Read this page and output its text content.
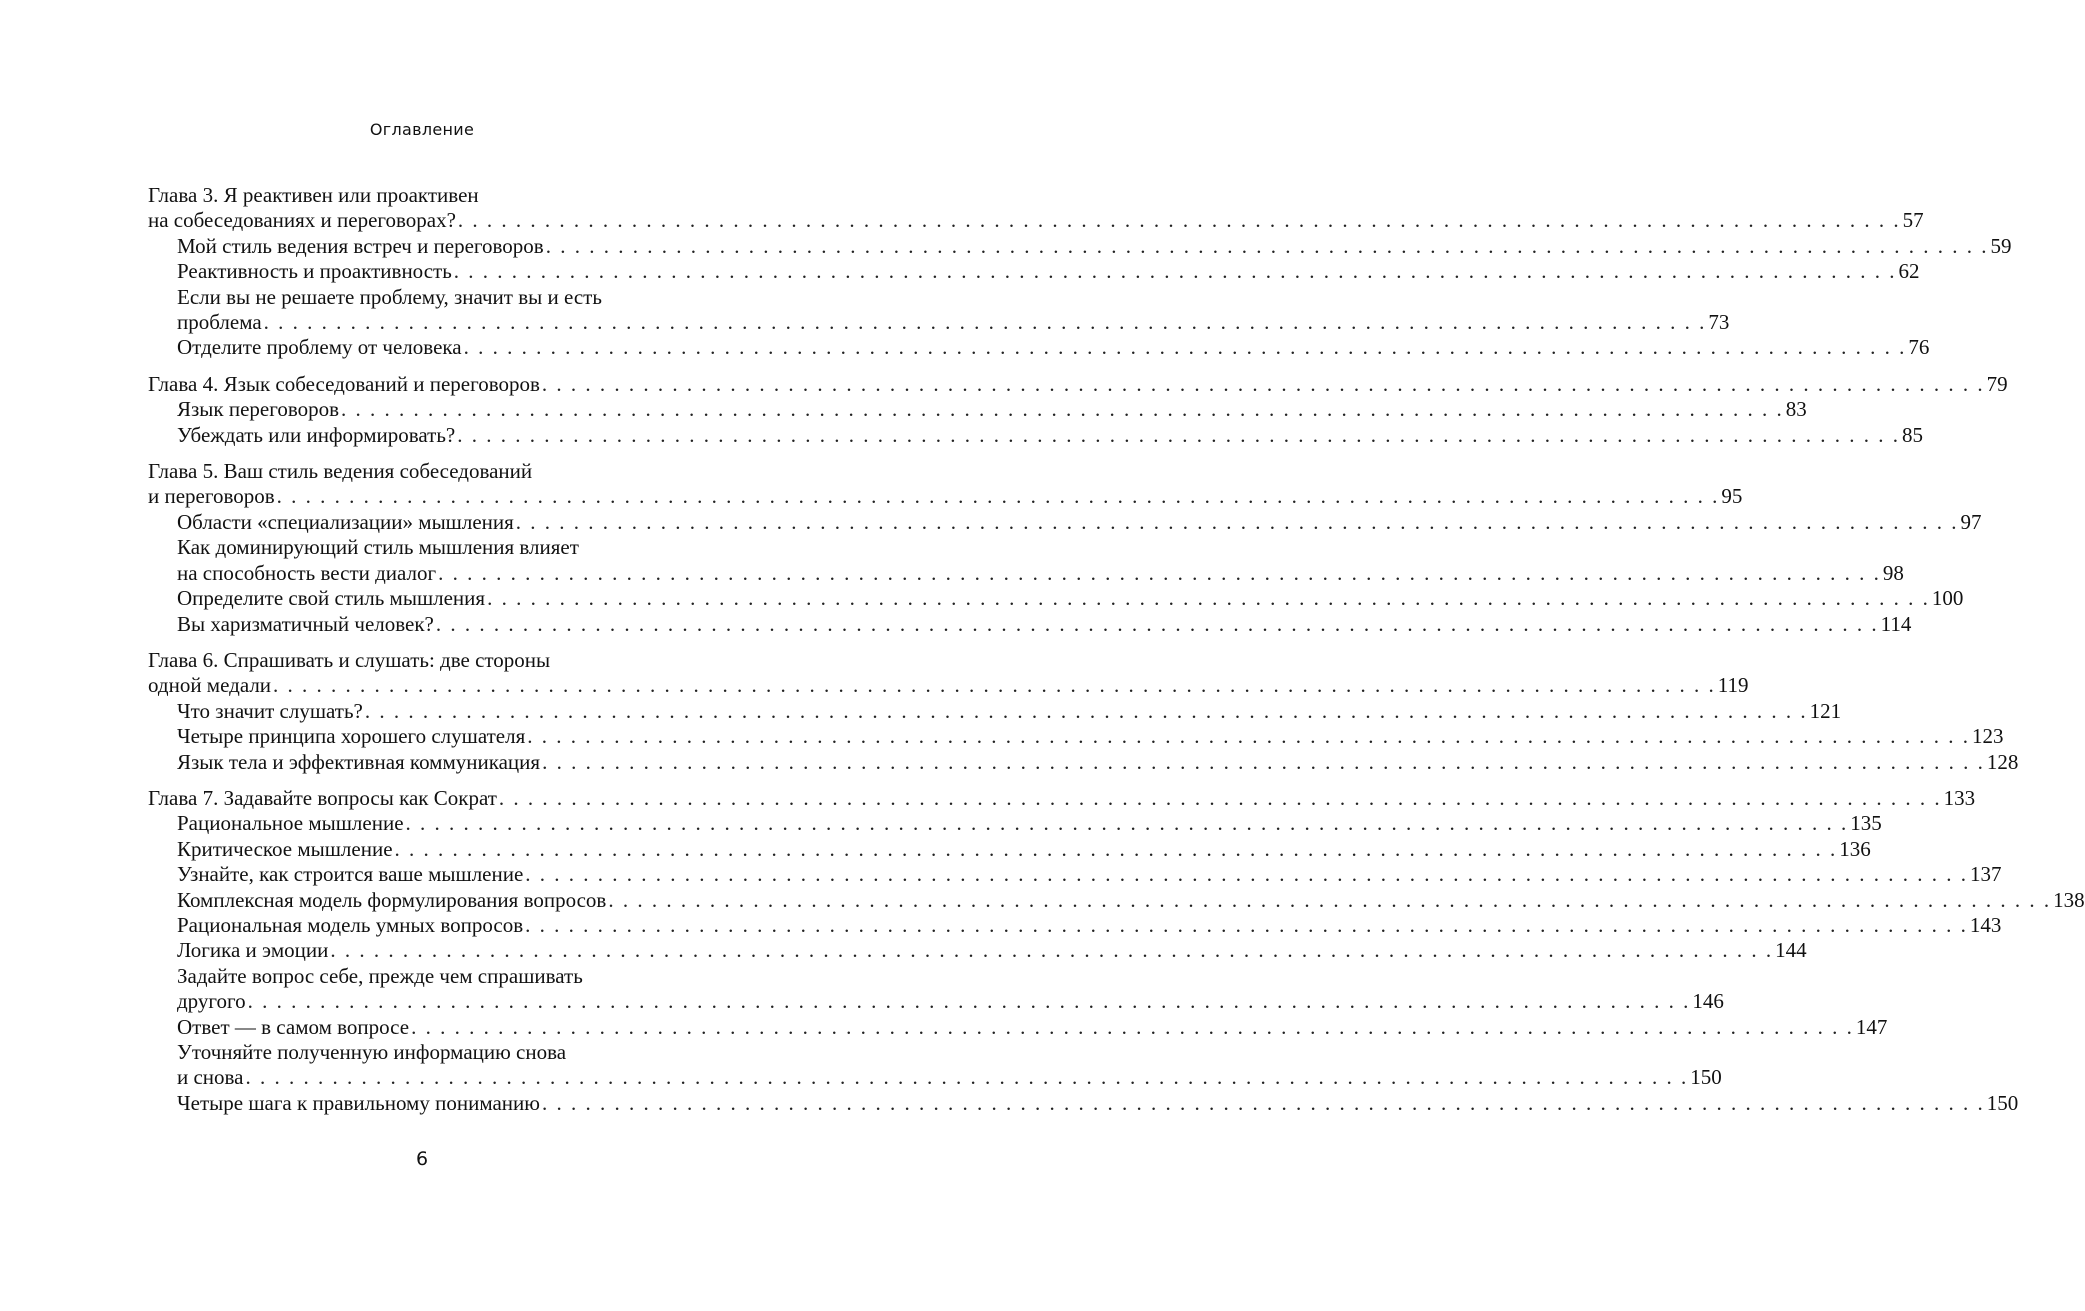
Оглавление
Глава 3. Я реактивен или проактивен
на собеседованиях и переговорах? . . . . . . . . . . . . . . . . . . . . . . . . . . . . . . . . . . . . . . . . . . . . . . . . . . . . . . . . . . . . . . . . . . . . . . . . . . . . . . . . . . . . . . . . . . . . . . . . . . . . 57
Мой стиль ведения встреч и переговоров . . . . . . . . . . . . . . . . . . . . . . . . . . . . . . . . . . . . . . . . . . . . . . . . . . . . . . . . . . . . . . . . . . . . . . . . . . . . . . . . . . . . . . . . . . . . . . . . . . . . 59
Реактивность и проактивность . . . . . . . . . . . . . . . . . . . . . . . . . . . . . . . . . . . . . . . . . . . . . . . . . . . . . . . . . . . . . . . . . . . . . . . . . . . . . . . . . . . . . . . . . . . . . . . . . . . . 62
Если вы не решаете проблему, значит вы и есть
проблема . . . . . . . . . . . . . . . . . . . . . . . . . . . . . . . . . . . . . . . . . . . . . . . . . . . . . . . . . . . . . . . . . . . . . . . . . . . . . . . . . . . . . . . . . . . . . . . . . . . . 73
Отделите проблему от человека . . . . . . . . . . . . . . . . . . . . . . . . . . . . . . . . . . . . . . . . . . . . . . . . . . . . . . . . . . . . . . . . . . . . . . . . . . . . . . . . . . . . . . . . . . . . . . . . . . . . 76
Глава 4. Язык собеседований и переговоров . . . . . . . . . . . . . . . . . . . . . . . . . . . . . . . . . . . . . . . . . . . . . . . . . . . . . . . . . . . . . . . . . . . . . . . . . . . . . . . . . . . . . . . . . . . . . . . . . . . . 79
Язык переговоров . . . . . . . . . . . . . . . . . . . . . . . . . . . . . . . . . . . . . . . . . . . . . . . . . . . . . . . . . . . . . . . . . . . . . . . . . . . . . . . . . . . . . . . . . . . . . . . . . . . . 83
Убеждать или информировать? . . . . . . . . . . . . . . . . . . . . . . . . . . . . . . . . . . . . . . . . . . . . . . . . . . . . . . . . . . . . . . . . . . . . . . . . . . . . . . . . . . . . . . . . . . . . . . . . . . . . 85
Глава 5. Ваш стиль ведения собеседований
и переговоров . . . . . . . . . . . . . . . . . . . . . . . . . . . . . . . . . . . . . . . . . . . . . . . . . . . . . . . . . . . . . . . . . . . . . . . . . . . . . . . . . . . . . . . . . . . . . . . . . . . . 95
Области «специализации» мышления . . . . . . . . . . . . . . . . . . . . . . . . . . . . . . . . . . . . . . . . . . . . . . . . . . . . . . . . . . . . . . . . . . . . . . . . . . . . . . . . . . . . . . . . . . . . . . . . . . . . 97
Как доминирующий стиль мышления влияет
на способность вести диалог . . . . . . . . . . . . . . . . . . . . . . . . . . . . . . . . . . . . . . . . . . . . . . . . . . . . . . . . . . . . . . . . . . . . . . . . . . . . . . . . . . . . . . . . . . . . . . . . . . . . 98
Определите свой стиль мышления . . . . . . . . . . . . . . . . . . . . . . . . . . . . . . . . . . . . . . . . . . . . . . . . . . . . . . . . . . . . . . . . . . . . . . . . . . . . . . . . . . . . . . . . . . . . . . . . . . . . 100
Вы харизматичный человек? . . . . . . . . . . . . . . . . . . . . . . . . . . . . . . . . . . . . . . . . . . . . . . . . . . . . . . . . . . . . . . . . . . . . . . . . . . . . . . . . . . . . . . . . . . . . . . . . . . . . 114
Глава 6. Спрашивать и слушать: две стороны
одной медали . . . . . . . . . . . . . . . . . . . . . . . . . . . . . . . . . . . . . . . . . . . . . . . . . . . . . . . . . . . . . . . . . . . . . . . . . . . . . . . . . . . . . . . . . . . . . . . . . . . . 119
Что значит слушать? . . . . . . . . . . . . . . . . . . . . . . . . . . . . . . . . . . . . . . . . . . . . . . . . . . . . . . . . . . . . . . . . . . . . . . . . . . . . . . . . . . . . . . . . . . . . . . . . . . . . 121
Четыре принципа хорошего слушателя . . . . . . . . . . . . . . . . . . . . . . . . . . . . . . . . . . . . . . . . . . . . . . . . . . . . . . . . . . . . . . . . . . . . . . . . . . . . . . . . . . . . . . . . . . . . . . . . . . . . 123
Язык тела и эффективная коммуникация . . . . . . . . . . . . . . . . . . . . . . . . . . . . . . . . . . . . . . . . . . . . . . . . . . . . . . . . . . . . . . . . . . . . . . . . . . . . . . . . . . . . . . . . . . . . . . . . . . . . 128
Глава 7. Задавайте вопросы как Сократ . . . . . . . . . . . . . . . . . . . . . . . . . . . . . . . . . . . . . . . . . . . . . . . . . . . . . . . . . . . . . . . . . . . . . . . . . . . . . . . . . . . . . . . . . . . . . . . . . . . . 133
Рациональное мышление . . . . . . . . . . . . . . . . . . . . . . . . . . . . . . . . . . . . . . . . . . . . . . . . . . . . . . . . . . . . . . . . . . . . . . . . . . . . . . . . . . . . . . . . . . . . . . . . . . . . 135
Критическое мышление . . . . . . . . . . . . . . . . . . . . . . . . . . . . . . . . . . . . . . . . . . . . . . . . . . . . . . . . . . . . . . . . . . . . . . . . . . . . . . . . . . . . . . . . . . . . . . . . . . . . 136
Узнайте, как строится ваше мышление . . . . . . . . . . . . . . . . . . . . . . . . . . . . . . . . . . . . . . . . . . . . . . . . . . . . . . . . . . . . . . . . . . . . . . . . . . . . . . . . . . . . . . . . . . . . . . . . . . . . 137
Комплексная модель формулирования вопросов . . . . . . . . . . . . . . . . . . . . . . . . . . . . . . . . . . . . . . . . . . . . . . . . . . . . . . . . . . . . . . . . . . . . . . . . . . . . . . . . . . . . . . . . . . . . . . . . . . . . 138
Рациональная модель умных вопросов . . . . . . . . . . . . . . . . . . . . . . . . . . . . . . . . . . . . . . . . . . . . . . . . . . . . . . . . . . . . . . . . . . . . . . . . . . . . . . . . . . . . . . . . . . . . . . . . . . . . 143
Логика и эмоции . . . . . . . . . . . . . . . . . . . . . . . . . . . . . . . . . . . . . . . . . . . . . . . . . . . . . . . . . . . . . . . . . . . . . . . . . . . . . . . . . . . . . . . . . . . . . . . . . . . . 144
Задайте вопрос себе, прежде чем спрашивать
другого . . . . . . . . . . . . . . . . . . . . . . . . . . . . . . . . . . . . . . . . . . . . . . . . . . . . . . . . . . . . . . . . . . . . . . . . . . . . . . . . . . . . . . . . . . . . . . . . . . . . 146
Ответ — в самом вопросе . . . . . . . . . . . . . . . . . . . . . . . . . . . . . . . . . . . . . . . . . . . . . . . . . . . . . . . . . . . . . . . . . . . . . . . . . . . . . . . . . . . . . . . . . . . . . . . . . . . . 147
Уточняйте полученную информацию снова
и снова . . . . . . . . . . . . . . . . . . . . . . . . . . . . . . . . . . . . . . . . . . . . . . . . . . . . . . . . . . . . . . . . . . . . . . . . . . . . . . . . . . . . . . . . . . . . . . . . . . . . 150
Четыре шага к правильному пониманию . . . . . . . . . . . . . . . . . . . . . . . . . . . . . . . . . . . . . . . . . . . . . . . . . . . . . . . . . . . . . . . . . . . . . . . . . . . . . . . . . . . . . . . . . . . . . . . . . . . . 150
6
